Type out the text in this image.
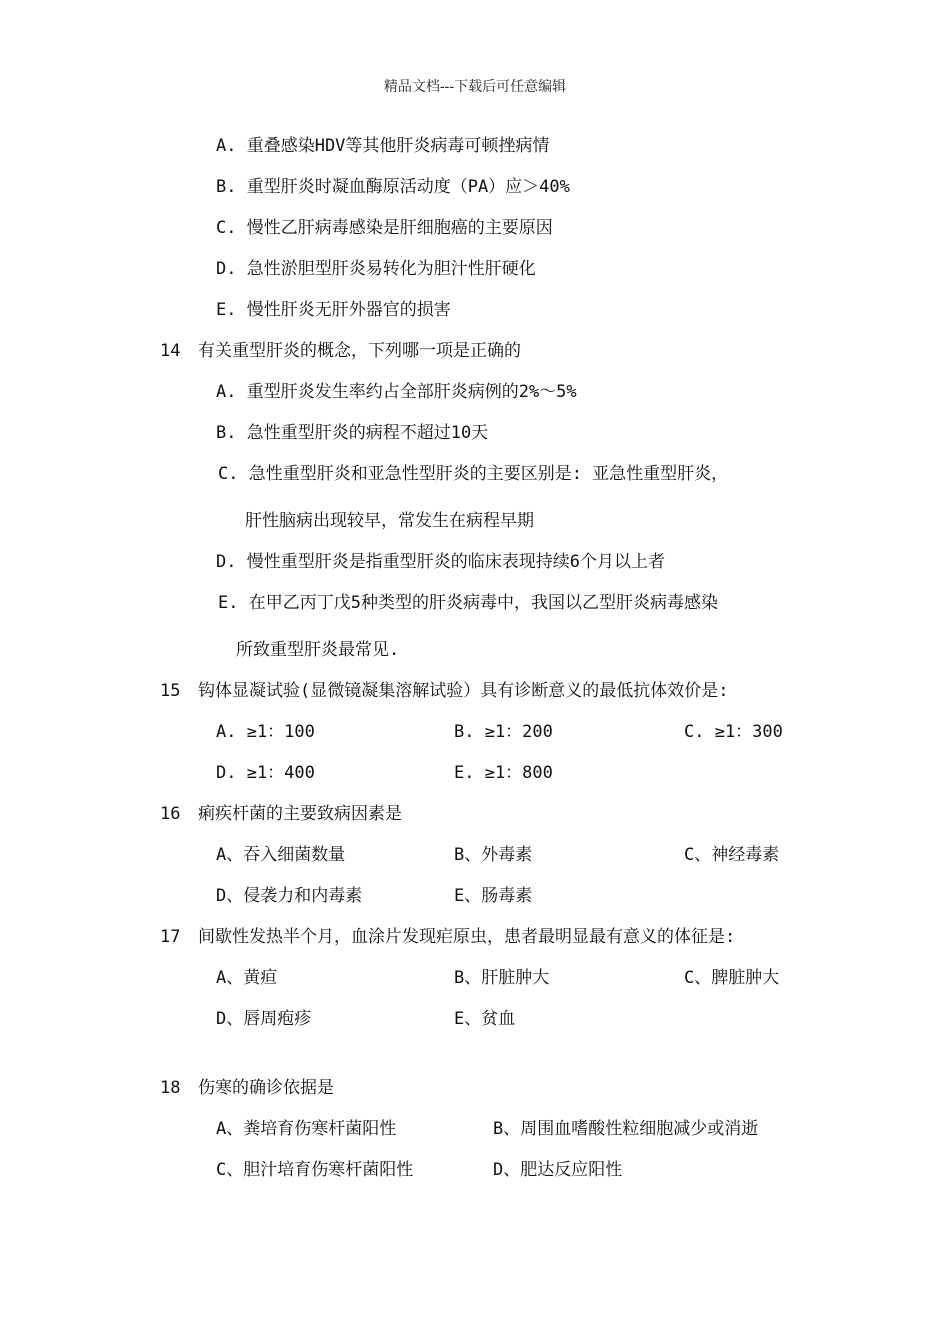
精品文档---下载后可任意编辑
A. 重叠感染HDV等其他肝炎病毒可顿挫病情
B. 重型肝炎时凝血酶原活动度（PA）应＞40%
C. 慢性乙肝病毒感染是肝细胞癌的主要原因
D. 急性淤胆型肝炎易转化为胆汁性肝硬化
E. 慢性肝炎无肝外器官的损害
14 有关重型肝炎的概念，下列哪一项是正确的
A. 重型肝炎发生率约占全部肝炎病例的2%～5%
B. 急性重型肝炎的病程不超过10天
C. 急性重型肝炎和亚急性型肝炎的主要区别是: 亚急性重型肝炎，
肝性脑病出现较早，常发生在病程早期
D. 慢性重型肝炎是指重型肝炎的临床表现持续6个月以上者
E. 在甲乙丙丁戊5种类型的肝炎病毒中，我国以乙型肝炎病毒感染
所致重型肝炎最常见.
15 钩体显凝试验(显微镜凝集溶解试验）具有诊断意义的最低抗体效价是:
A. ≥1：100	B. ≥1：200	C. ≥1：300
D. ≥1：400	E. ≥1：800
16 痢疾杆菌的主要致病因素是
A、吞入细菌数量	B、外毒素	C、神经毒素
D、侵袭力和内毒素	E、肠毒素
17 间歇性发热半个月，血涂片发现疟原虫，患者最明显最有意义的体征是:
A、黄疸	B、肝脏肿大	C、脾脏肿大
D、唇周疱疹	E、贫血
18 伤寒的确诊依据是
A、粪培育伤寒杆菌阳性	B、周围血嗜酸性粒细胞减少或消逝
C、胆汁培育伤寒杆菌阳性	D、肥达反应阳性
